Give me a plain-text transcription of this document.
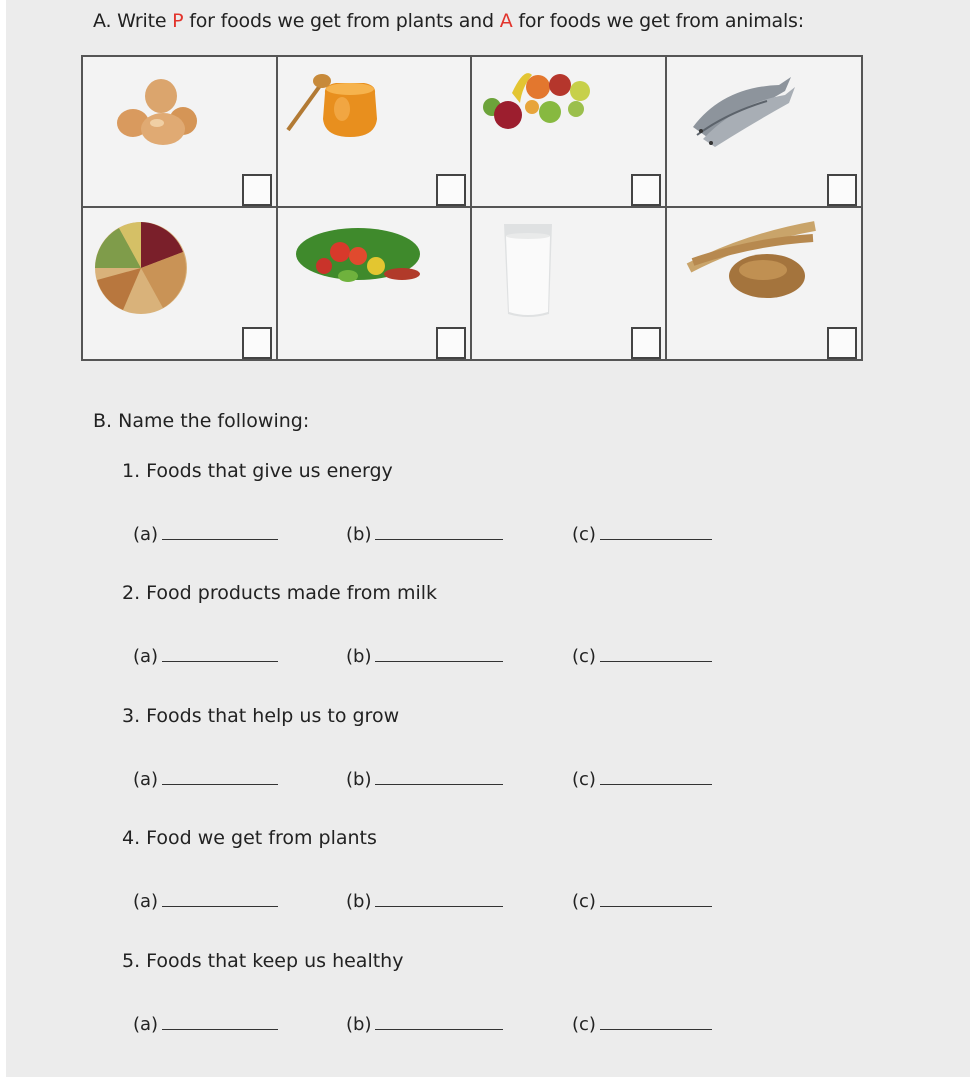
A. Write P for foods we get from plants and A for foods we get from animals:
B. Name the following:
1. Foods that give us energy
(a)	(b)	(c)
2. Food products made from milk
(a)	(b)	(c)
3. Foods that help us to grow
(a)	(b)	(c)
4. Food we get from plants
(a)	(b)	(c)
5. Foods that keep us healthy
(a)	(b)	(c)
